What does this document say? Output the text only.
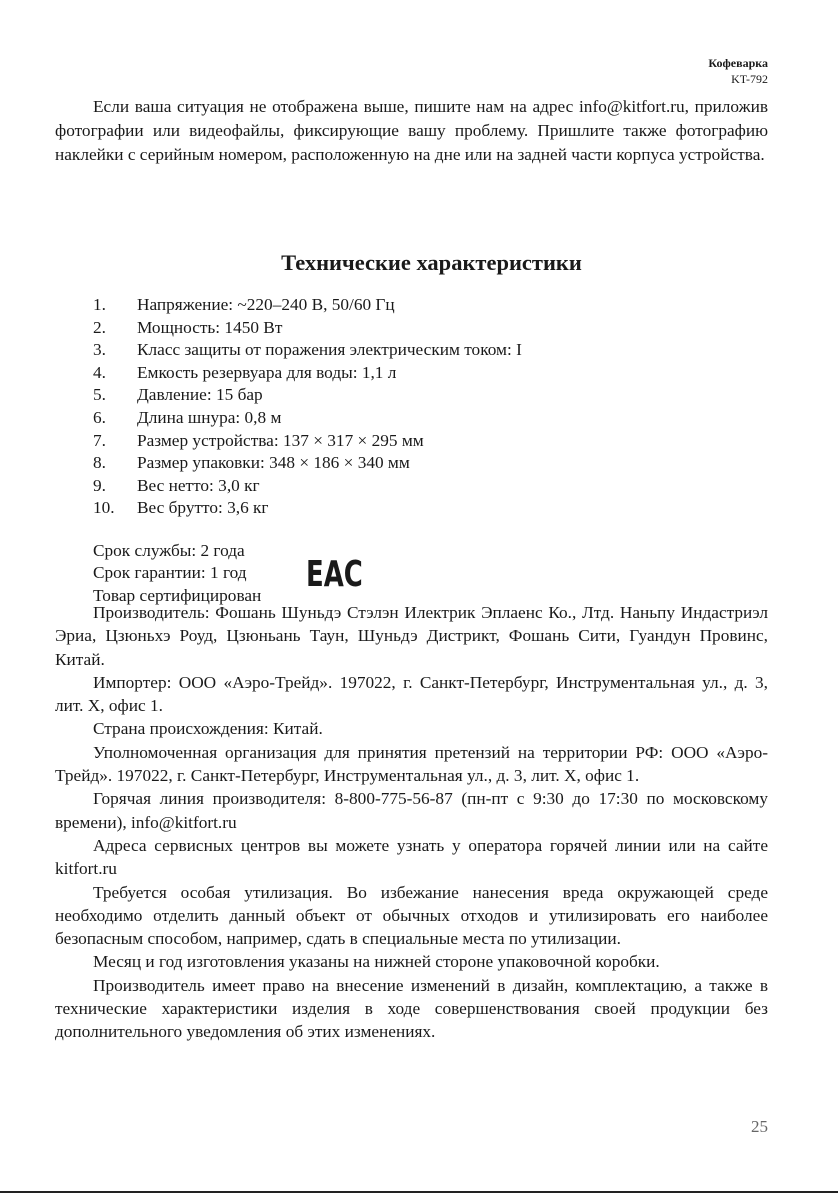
Кофеварка
KT-792

Если ваша ситуация не отображена выше, пишите нам на адрес info@kitfort.ru, приложив фотографии или видеофайлы, фиксирующие вашу проблему. Пришлите также фотографию наклейки с серийным номером, расположенную на дне или на задней части корпуса устройства.

Технические характеристики
1.	Напряжение: ~220–240 В, 50/60 Гц
2.	Мощность: 1450 Вт
3.	Класс защиты от поражения электрическим током: I
4.	Емкость резервуара для воды: 1,1 л
5.	Давление: 15 бар
6.	Длина шнура: 0,8 м
7.	Размер устройства: 137 × 317 × 295 мм
8.	Размер упаковки: 348 × 186 × 340 мм
9.	Вес нетто: 3,0 кг
10.	Вес брутто: 3,6 кг
Срок службы: 2 года
Срок гарантии: 1 год
Товар сертифицирован
EAC

Производитель: Фошань Шуньдэ Стэлэн Илектрик Эплаенс Ко., Лтд. Наньпу Индастриэл Эриа, Цзюньхэ Роуд, Цзюньань Таун, Шуньдэ Дистрикт, Фошань Сити, Гуандун Провинс, Китай.

Импортер: ООО «Аэро-Трейд». 197022, г. Санкт-Петербург, Инструментальная ул., д. 3, лит. Х, офис 1.

Страна происхождения: Китай.

Уполномоченная организация для принятия претензий на территории РФ: ООО «Аэро-Трейд». 197022, г. Санкт-Петербург, Инструментальная ул., д. 3, лит. Х, офис 1.

Горячая линия производителя: 8-800-775-56-87 (пн-пт с 9:30 до 17:30 по московскому времени), info@kitfort.ru

Адреса сервисных центров вы можете узнать у оператора горячей линии или на сайте kitfort.ru

Требуется особая утилизация. Во избежание нанесения вреда окружающей среде необходимо отделить данный объект от обычных отходов и утилизировать его наиболее безопасным способом, например, сдать в специальные места по утилизации.

Месяц и год изготовления указаны на нижней стороне упаковочной коробки.

Производитель имеет право на внесение изменений в дизайн, комплектацию, а также в технические характеристики изделия в ходе совершенствования своей продукции без дополнительного уведомления об этих изменениях.

25
